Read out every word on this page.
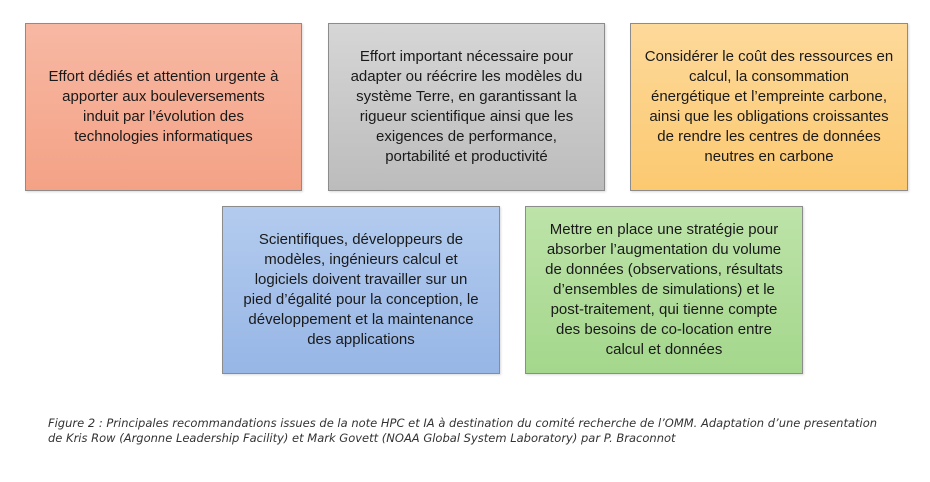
Effort dédiés et attention urgente à
apporter aux bouleversements
induit par l’évolution des
technologies informatiques
Effort important nécessaire pour
adapter ou réécrire les modèles du
système Terre, en garantissant la
rigueur scientifique ainsi que les
exigences de performance,
portabilité et productivité
Considérer le coût des ressources en
calcul, la consommation
énergétique et l’empreinte carbone,
ainsi que les obligations croissantes
de rendre les centres de données
neutres en carbone
Scientifiques, développeurs de
modèles, ingénieurs calcul et
logiciels doivent travailler sur un
pied d’égalité pour la conception, le
développement et la maintenance
des applications
Mettre en place une stratégie pour
absorber l’augmentation du volume
de données (observations, résultats
d’ensembles de simulations) et le
post-traitement, qui tienne compte
des besoins de co-location entre
calcul et données
Figure 2 : Principales recommandations issues de la note HPC et IA à destination du comité recherche de l’OMM. Adaptation d’une presentation
de Kris Row (Argonne Leadership Facility) et Mark Govett (NOAA Global System Laboratory) par P. Braconnot
